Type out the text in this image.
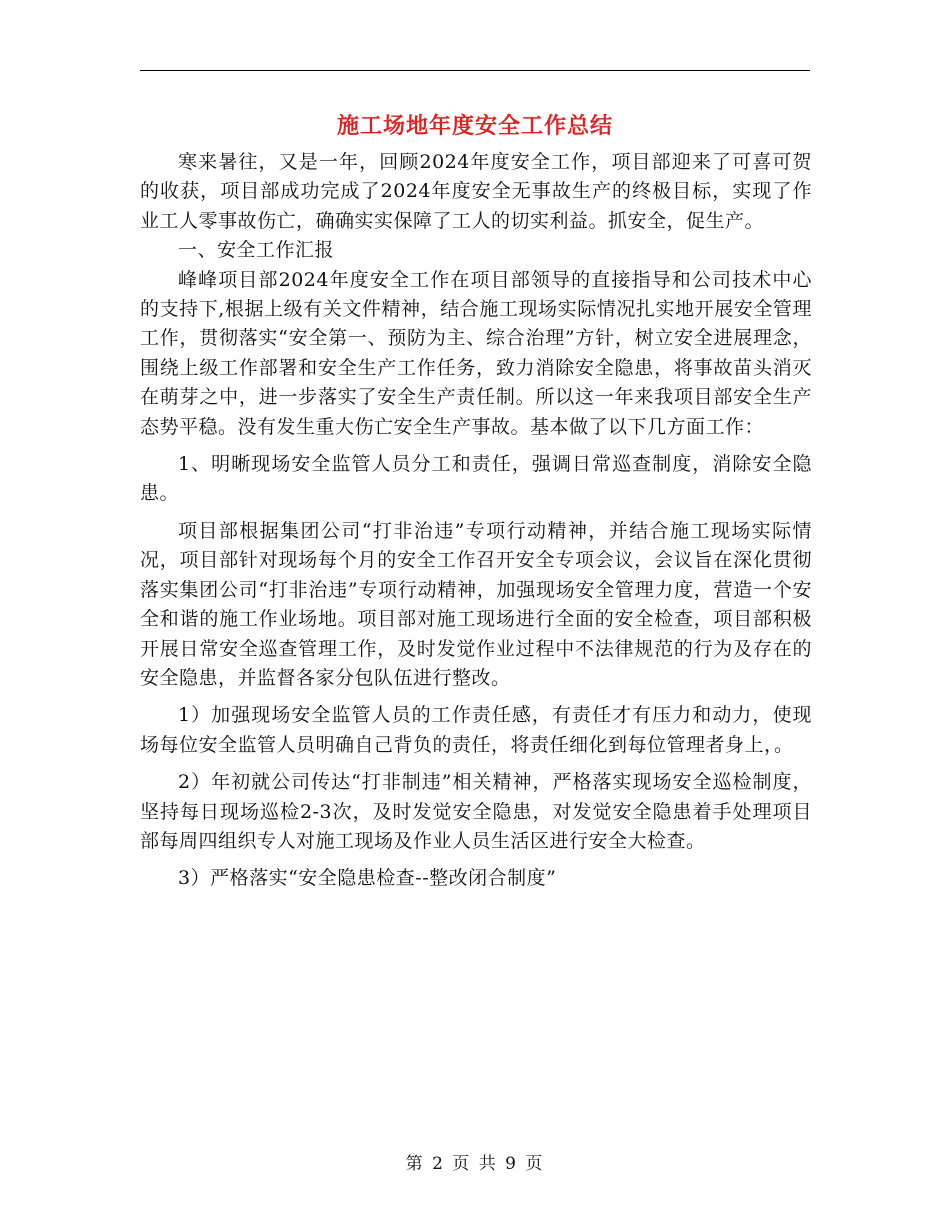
施工场地年度安全工作总结

寒来暑往，又是一年，回顾2024年度安全工作，项目部迎来了可喜可贺的收获，项目部成功完成了2024年度安全无事故生产的终极目标，实现了作业工人零事故伤亡，确确实实保障了工人的切实利益。抓安全，促生产。

一、安全工作汇报

峰峰项目部2024年度安全工作在项目部领导的直接指导和公司技术中心的支持下,根据上级有关文件精神，结合施工现场实际情况扎实地开展安全管理工作，贯彻落实“安全第一、预防为主、综合治理”方针，树立安全进展理念，围绕上级工作部署和安全生产工作任务，致力消除安全隐患，将事故苗头消灭在萌芽之中，进一步落实了安全生产责任制。所以这一年来我项目部安全生产态势平稳。没有发生重大伤亡安全生产事故。基本做了以下几方面工作：

1、明晰现场安全监管人员分工和责任，强调日常巡查制度，消除安全隐患。

项目部根据集团公司“打非治违”专项行动精神，并结合施工现场实际情况，项目部针对现场每个月的安全工作召开安全专项会议，会议旨在深化贯彻落实集团公司“打非治违”专项行动精神，加强现场安全管理力度，营造一个安全和谐的施工作业场地。项目部对施工现场进行全面的安全检查，项目部积极开展日常安全巡查管理工作，及时发觉作业过程中不法律规范的行为及存在的安全隐患，并监督各家分包队伍进行整改。

1）加强现场安全监管人员的工作责任感，有责任才有压力和动力，使现场每位安全监管人员明确自己背负的责任，将责任细化到每位管理者身上，。

2）年初就公司传达“打非制违”相关精神，严格落实现场安全巡检制度，坚持每日现场巡检2-3次，及时发觉安全隐患，对发觉安全隐患着手处理项目部每周四组织专人对施工现场及作业人员生活区进行安全大检查。

3）严格落实“安全隐患检查--整改闭合制度”

第 2 页 共 9 页
